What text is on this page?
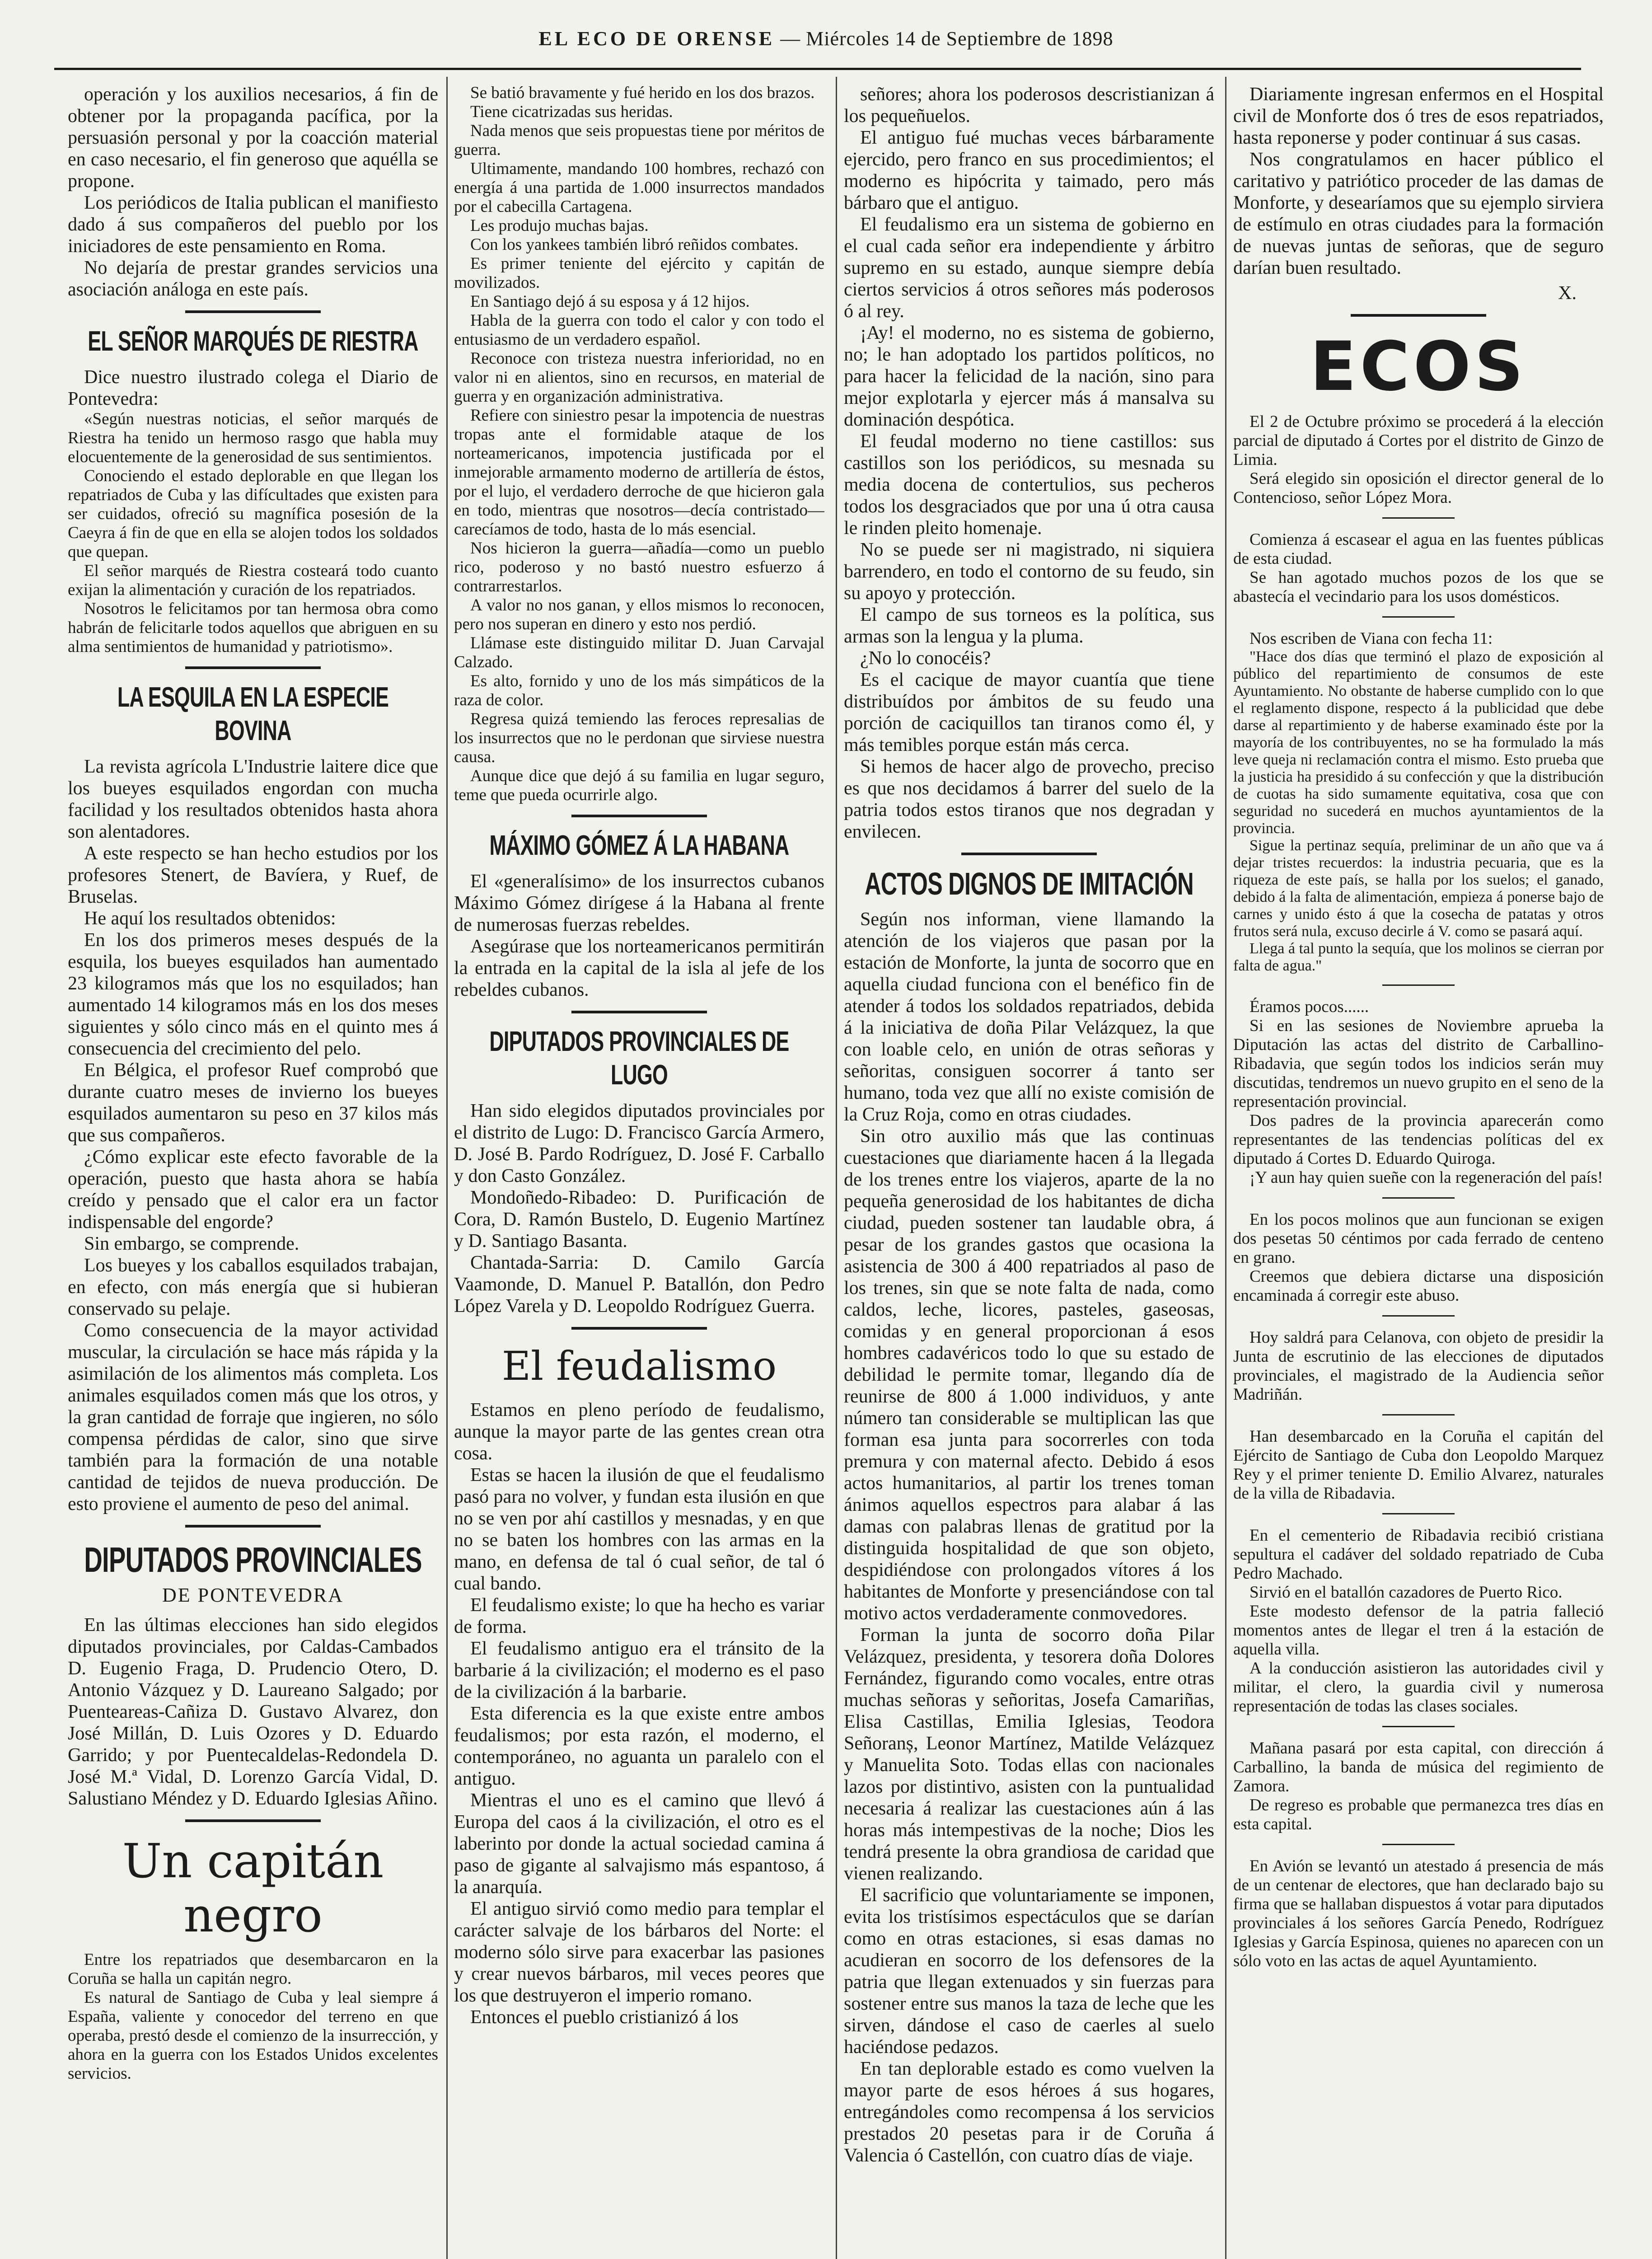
EL ECO DE ORENSE — Miércoles 14 de Septiembre de 1898

operación y los auxilios necesarios, á fin de obtener por la propaganda pacífica, por la persuasión personal y por la coacción material en caso necesario, el fin generoso que aquélla se propone.

Los periódicos de Italia publican el manifiesto dado á sus compañeros del pueblo por los iniciadores de este pensamiento en Roma.

No dejaría de prestar grandes servicios una asociación análoga en este país.

EL SEÑOR MARQUÉS DE RIESTRA

Dice nuestro ilustrado colega el Diario de Pontevedra:

«Según nuestras noticias, el señor marqués de Riestra ha tenido un hermoso rasgo que habla muy elocuentemente de la generosidad de sus sentimientos.

Conociendo el estado deplorable en que llegan los repatriados de Cuba y las difícultades que existen para ser cuidados, ofreció su magnífica posesión de la Caeyra á fin de que en ella se alojen todos los soldados que quepan.

El señor marqués de Riestra costeará todo cuanto exijan la alimentación y curación de los repatriados.

Nosotros le felicitamos por tan hermosa obra como habrán de felicitarle todos aquellos que abriguen en su alma sentimientos de humanidad y patriotismo».

LA ESQUILA EN LA ESPECIE BOVINA

La revista agrícola L'Industrie laitere dice que los bueyes esquilados engordan con mucha facilidad y los resultados obtenidos hasta ahora son alentadores.

A este respecto se han hecho estudios por los profesores Stenert, de Bavíera, y Ruef, de Bruselas.

He aquí los resultados obtenidos:

En los dos primeros meses después de la esquila, los bueyes esquilados han aumentado 23 kilogramos más que los no esquilados; han aumentado 14 kilogramos más en los dos meses siguientes y sólo cinco más en el quinto mes á consecuencia del crecimiento del pelo.

En Bélgica, el profesor Ruef comprobó que durante cuatro meses de invierno los bueyes esquilados aumentaron su peso en 37 kilos más que sus compañeros.

¿Cómo explicar este efecto favorable de la operación, puesto que hasta ahora se había creído y pensado que el calor era un factor indispensable del engorde?

Sin embargo, se comprende.

Los bueyes y los caballos esquilados trabajan, en efecto, con más energía que si hubieran conservado su pelaje.

Como consecuencia de la mayor actividad muscular, la circulación se hace más rápida y la asimilación de los alimentos más completa. Los animales esquilados comen más que los otros, y la gran cantidad de forraje que ingieren, no sólo compensa pérdidas de calor, sino que sirve también para la formación de una notable cantidad de tejidos de nueva producción. De esto proviene el aumento de peso del animal.

DIPUTADOS PROVINCIALES
DE PONTEVEDRA

En las últimas elecciones han sido elegidos diputados provinciales, por Caldas-Cambados D. Eugenio Fraga, D. Prudencio Otero, D. Antonio Vázquez y D. Laureano Salgado; por Puenteareas-Cañiza D. Gustavo Alvarez, don José Millán, D. Luis Ozores y D. Eduardo Garrido; y por Puentecaldelas-Redondela D. José M.ª Vidal, D. Lorenzo García Vidal, D. Salustiano Méndez y D. Eduardo Iglesias Añino.

Un capitán negro

Entre los repatriados que desembarcaron en la Coruña se halla un capitán negro.

Es natural de Santiago de Cuba y leal siempre á España, valiente y conocedor del terreno en que operaba, prestó desde el comienzo de la insurrección, y ahora en la guerra con los Estados Unidos excelentes servicios.

Se batió bravamente y fué herido en los dos brazos.

Tiene cicatrizadas sus heridas.

Nada menos que seis propuestas tiene por méritos de guerra.

Ultimamente, mandando 100 hombres, rechazó con energía á una partida de 1.000 insurrectos mandados por el cabecilla Cartagena.

Les produjo muchas bajas.

Con los yankees también libró reñidos combates.

Es primer teniente del ejército y capitán de movilizados.

En Santiago dejó á su esposa y á 12 hijos.

Habla de la guerra con todo el calor y con todo el entusiasmo de un verdadero español.

Reconoce con tristeza nuestra inferioridad, no en valor ni en alientos, sino en recursos, en material de guerra y en organización administrativa.

Refiere con siniestro pesar la impotencia de nuestras tropas ante el formidable ataque de los norteamericanos, impotencia justificada por el inmejorable armamento moderno de artillería de éstos, por el lujo, el verdadero derroche de que hicieron gala en todo, mientras que nosotros—decía contristado—carecíamos de todo, hasta de lo más esencial.

Nos hicieron la guerra—añadía—como un pueblo rico, poderoso y no bastó nuestro esfuerzo á contrarrestarlos.

A valor no nos ganan, y ellos mismos lo reconocen, pero nos superan en dinero y esto nos perdió.

Llámase este distinguido militar D. Juan Carvajal Calzado.

Es alto, fornido y uno de los más simpáticos de la raza de color.

Regresa quizá temiendo las feroces represalias de los insurrectos que no le perdonan que sirviese nuestra causa.

Aunque dice que dejó á su familia en lugar seguro, teme que pueda ocurrirle algo.

MÁXIMO GÓMEZ Á LA HABANA

El «generalísimo» de los insurrectos cubanos Máximo Gómez dirígese á la Habana al frente de numerosas fuerzas rebeldes.

Asegúrase que los norteamericanos permitirán la entrada en la capital de la isla al jefe de los rebeldes cubanos.

DIPUTADOS PROVINCIALES DE LUGO

Han sido elegidos diputados provinciales por el distrito de Lugo: D. Francisco García Armero, D. José B. Pardo Rodríguez, D. José F. Carballo y don Casto González.

Mondoñedo-Ribadeo: D. Purificación de Cora, D. Ramón Bustelo, D. Eugenio Martínez y D. Santiago Basanta.

Chantada-Sarria: D. Camilo García Vaamonde, D. Manuel P. Batallón, don Pedro López Varela y D. Leopoldo Rodríguez Guerra.

El feudalismo

Estamos en pleno período de feudalismo, aunque la mayor parte de las gentes crean otra cosa.

Estas se hacen la ilusión de que el feudalismo pasó para no volver, y fundan esta ilusión en que no se ven por ahí castillos y mesnadas, y en que no se baten los hombres con las armas en la mano, en defensa de tal ó cual señor, de tal ó cual bando.

El feudalismo existe; lo que ha hecho es variar de forma.

El feudalismo antiguo era el tránsito de la barbarie á la civilización; el moderno es el paso de la civilización á la barbarie.

Esta diferencia es la que existe entre ambos feudalismos; por esta razón, el moderno, el contemporáneo, no aguanta un paralelo con el antiguo.

Mientras el uno es el camino que llevó á Europa del caos á la civilización, el otro es el laberinto por donde la actual sociedad camina á paso de gigante al salvajismo más espantoso, á la anarquía.

El antiguo sirvió como medio para templar el carácter salvaje de los bárbaros del Norte: el moderno sólo sirve para exacerbar las pasiones y crear nuevos bárbaros, mil veces peores que los que destruyeron el imperio romano.

Entonces el pueblo cristianizó á los

señores; ahora los poderosos descristianizan á los pequeñuelos.

El antiguo fué muchas veces bárbaramente ejercido, pero franco en sus procedimientos; el moderno es hipócrita y taimado, pero más bárbaro que el antiguo.

El feudalismo era un sistema de gobierno en el cual cada señor era independiente y árbitro supremo en su estado, aunque siempre debía ciertos servicios á otros señores más poderosos ó al rey.

¡Ay! el moderno, no es sistema de gobierno, no; le han adoptado los partidos políticos, no para hacer la felicidad de la nación, sino para mejor explotarla y ejercer más á mansalva su dominación despótica.

El feudal moderno no tiene castillos: sus castillos son los periódicos, su mesnada su media docena de contertulios, sus pecheros todos los desgraciados que por una ú otra causa le rinden pleito homenaje.

No se puede ser ni magistrado, ni siquiera barrendero, en todo el contorno de su feudo, sin su apoyo y protección.

El campo de sus torneos es la política, sus armas son la lengua y la pluma.

¿No lo conocéis?

Es el cacique de mayor cuantía que tiene distribuídos por ámbitos de su feudo una porción de caciquillos tan tiranos como él, y más temibles porque están más cerca.

Si hemos de hacer algo de provecho, preciso es que nos decidamos á barrer del suelo de la patria todos estos tiranos que nos degradan y envilecen.

ACTOS DIGNOS DE IMITACIÓN

Según nos informan, viene llamando la atención de los viajeros que pasan por la estación de Monforte, la junta de socorro que en aquella ciudad funciona con el benéfico fin de atender á todos los soldados repatriados, debida á la iniciativa de doña Pilar Velázquez, la que con loable celo, en unión de otras señoras y señoritas, consiguen socorrer á tanto ser humano, toda vez que allí no existe comisión de la Cruz Roja, como en otras ciudades.

Sin otro auxilio más que las continuas cuestaciones que diariamente hacen á la llegada de los trenes entre los viajeros, aparte de la no pequeña generosidad de los habitantes de dicha ciudad, pueden sostener tan laudable obra, á pesar de los grandes gastos que ocasiona la asistencia de 300 á 400 repatriados al paso de los trenes, sin que se note falta de nada, como caldos, leche, licores, pasteles, gaseosas, comidas y en general proporcionan á esos hombres cadavéricos todo lo que su estado de debilidad le permite tomar, llegando día de reunirse de 800 á 1.000 individuos, y ante número tan considerable se multiplican las que forman esa junta para socorrerles con toda premura y con maternal afecto. Debido á esos actos humanitarios, al partir los trenes toman ánimos aquellos espectros para alabar á las damas con palabras llenas de gratitud por la distinguida hospitalidad de que son objeto, despidiéndose con prolongados vítores á los habitantes de Monforte y presenciándose con tal motivo actos verdaderamente conmovedores.

Forman la junta de socorro doña Pilar Velázquez, presidenta, y tesorera doña Dolores Fernández, figurando como vocales, entre otras muchas señoras y señoritas, Josefa Camariñas, Elisa Castillas, Emilia Iglesias, Teodora Señoranș, Leonor Martínez, Matilde Velázquez y Manuelita Soto. Todas ellas con nacionales lazos por distintivo, asisten con la puntualidad necesaria á realizar las cuestaciones aún á las horas más intempestivas de la noche; Dios les tendrá presente la obra grandiosa de caridad que vienen realizando.

El sacrificio que voluntariamente se imponen, evita los tristísimos espectáculos que se darían como en otras estaciones, si esas damas no acudieran en socorro de los defensores de la patria que llegan extenuados y sin fuerzas para sostener entre sus manos la taza de leche que les sirven, dándose el caso de caerles al suelo haciéndose pedazos.

En tan deplorable estado es como vuelven la mayor parte de esos héroes á sus hogares, entregándoles como recompensa á los servicios prestados 20 pesetas para ir de Coruña á Valencia ó Castellón, con cuatro días de viaje.

Diariamente ingresan enfermos en el Hospital civil de Monforte dos ó tres de esos repatriados, hasta reponerse y poder continuar á sus casas.

Nos congratulamos en hacer público el caritativo y patriótico proceder de las damas de Monforte, y desearíamos que su ejemplo sirviera de estímulo en otras ciudades para la formación de nuevas juntas de señoras, que de seguro darían buen resultado.

X.
ECOS

El 2 de Octubre próximo se procederá á la elección parcial de diputado á Cortes por el distrito de Ginzo de Limia.

Será elegido sin oposición el director general de lo Contencioso, señor López Mora.

Comienza á escasear el agua en las fuentes públicas de esta ciudad.

Se han agotado muchos pozos de los que se abastecía el vecindario para los usos domésticos.

Nos escriben de Viana con fecha 11:

"Hace dos días que terminó el plazo de exposición al público del repartimiento de consumos de este Ayuntamiento. No obstante de haberse cumplido con lo que el reglamento dispone, respecto á la publicidad que debe darse al repartimiento y de haberse examinado éste por la mayoría de los contribuyentes, no se ha formulado la más leve queja ni reclamación contra el mismo. Esto prueba que la justicia ha presidido á su confección y que la distribución de cuotas ha sido sumamente equitativa, cosa que con seguridad no sucederá en muchos ayuntamientos de la provincia.

Sigue la pertinaz sequía, preliminar de un año que va á dejar tristes recuerdos: la industria pecuaria, que es la riqueza de este país, se halla por los suelos; el ganado, debido á la falta de alimentación, empieza á ponerse bajo de carnes y unido ésto á que la cosecha de patatas y otros frutos será nula, excuso decirle á V. como se pasará aquí.

Llega á tal punto la sequía, que los molinos se cierran por falta de agua."

Éramos pocos......

Si en las sesiones de Noviembre aprueba la Diputación las actas del distrito de Carballino-Ribadavia, que según todos los indicios serán muy discutidas, tendremos un nuevo grupito en el seno de la representación provincial.

Dos padres de la provincia aparecerán como representantes de las tendencias políticas del ex diputado á Cortes D. Eduardo Quiroga.

¡Y aun hay quien sueñe con la regeneración del país!

En los pocos molinos que aun funcionan se exigen dos pesetas 50 céntimos por cada ferrado de centeno en grano.

Creemos que debiera dictarse una disposición encaminada á corregir este abuso.

Hoy saldrá para Celanova, con objeto de presidir la Junta de escrutinio de las elecciones de diputados provinciales, el magistrado de la Audiencia señor Madriñán.

Han desembarcado en la Coruña el capitán del Ejército de Santiago de Cuba don Leopoldo Marquez Rey y el primer teniente D. Emilio Alvarez, naturales de la villa de Ribadavia.

En el cementerio de Ribadavia recibió cristiana sepultura el cadáver del soldado repatriado de Cuba Pedro Machado.

Sirvió en el batallón cazadores de Puerto Rico.

Este modesto defensor de la patria falleció momentos antes de llegar el tren á la estación de aquella villa.

A la conducción asistieron las autoridades civil y militar, el clero, la guardia civil y numerosa representación de todas las clases sociales.

Mañana pasará por esta capital, con dirección á Carballino, la banda de música del regimiento de Zamora.

De regreso es probable que permanezca tres días en esta capital.

En Avión se levantó un atestado á presencia de más de un centenar de electores, que han declarado bajo su firma que se hallaban dispuestos á votar para diputados provinciales á los señores García Penedo, Rodríguez Iglesias y García Espinosa, quienes no aparecen con un sólo voto en las actas de aquel Ayuntamiento.
